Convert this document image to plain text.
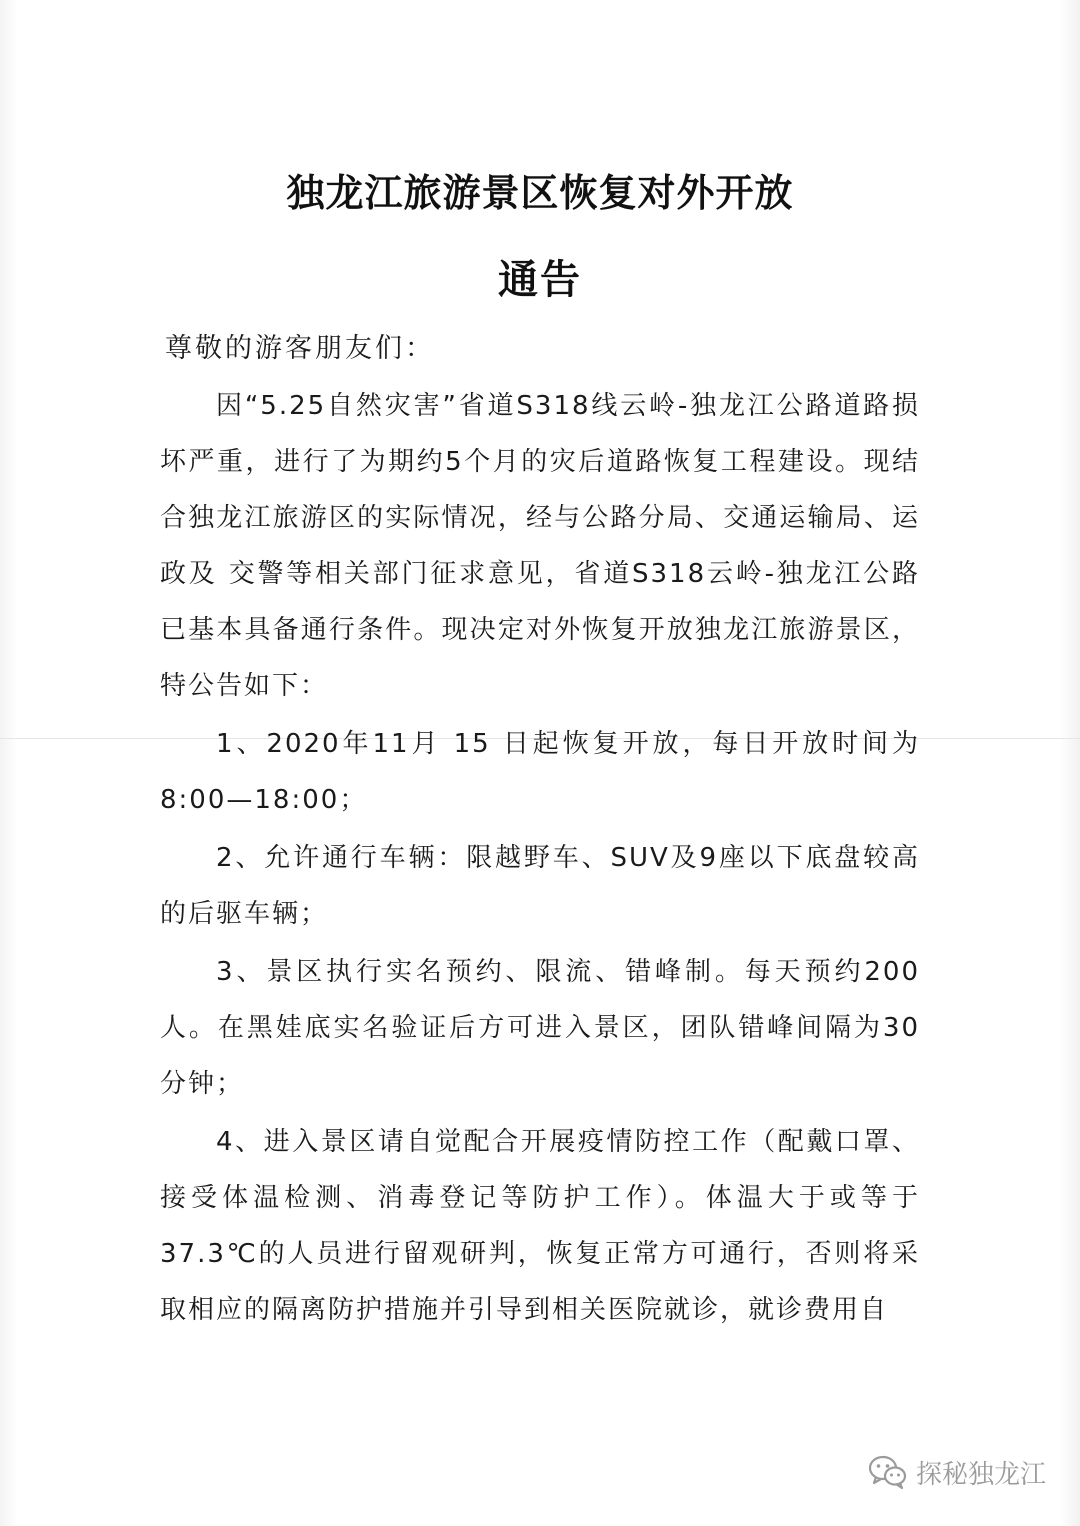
独龙江旅游景区恢复对外开放
通告
尊敬的游客朋友们：

因“5.25自然灾害”省道S318线云岭-独龙江公路道路损坏严重，进行了为期约5个月的灾后道路恢复工程建设。现结合独龙江旅游区的实际情况，经与公路分局、交通运输局、运政及 交警等相关部门征求意见，省道S318云岭-独龙江公路已基本具备通行条件。现决定对外恢复开放独龙江旅游景区，特公告如下：

1、2020年11月 15 日起恢复开放，每日开放时间为8:00—18:00；

2、允许通行车辆：限越野车、SUV及9座以下底盘较高的后驱车辆；

3、景区执行实名预约、限流、错峰制。每天预约200人。在黑娃底实名验证后方可进入景区，团队错峰间隔为30分钟；

4、进入景区请自觉配合开展疫情防控工作（配戴口罩、接受体温检测、消毒登记等防护工作）。体温大于或等于37.3℃的人员进行留观研判，恢复正常方可通行，否则将采取相应的隔离防护措施并引导到相关医院就诊，就诊费用自

探秘独龙江
